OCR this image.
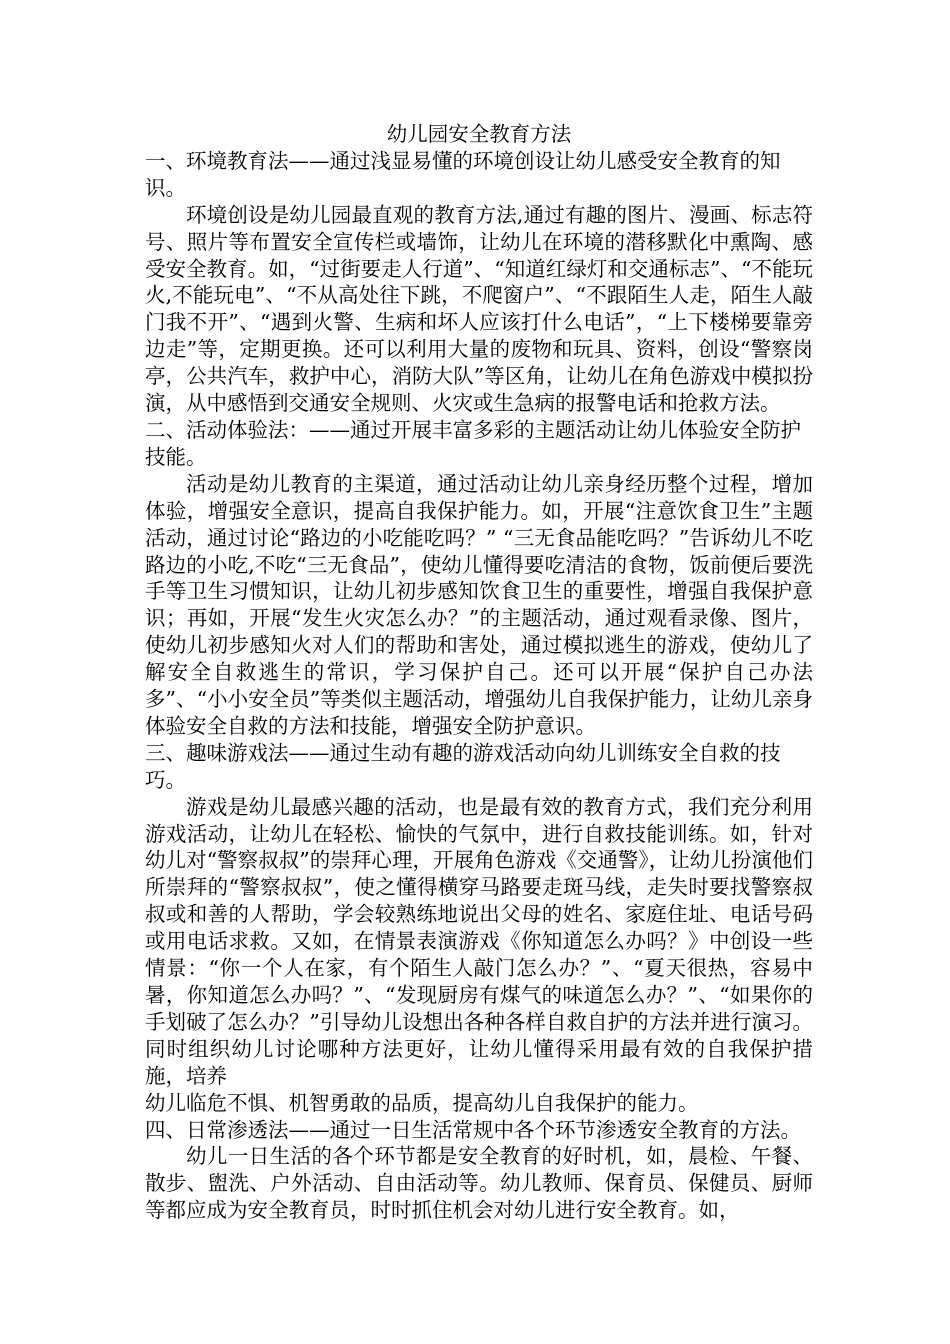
幼儿园安全教育方法

一、环境教育法——通过浅显易懂的环境创设让幼儿感受安全教育的知识。

环境创设是幼儿园最直观的教育方法,通过有趣的图片、漫画、标志符号、照片等布置安全宣传栏或墙饰，让幼儿在环境的潜移默化中熏陶、感受安全教育。如，“过街要走人行道”、“知道红绿灯和交通标志”、“不能玩火,不能玩电”、“不从高处往下跳，不爬窗户”、“不跟陌生人走，陌生人敲门我不开”、“遇到火警、生病和坏人应该打什么电话”，“上下楼梯要靠旁边走”等，定期更换。还可以利用大量的废物和玩具、资料，创设“警察岗亭，公共汽车，救护中心，消防大队”等区角，让幼儿在角色游戏中模拟扮演，从中感悟到交通安全规则、火灾或生急病的报警电话和抢救方法。

二、活动体验法：——通过开展丰富多彩的主题活动让幼儿体验安全防护技能。

活动是幼儿教育的主渠道，通过活动让幼儿亲身经历整个过程，增加体验，增强安全意识，提高自我保护能力。如，开展“注意饮食卫生”主题活动，通过讨论“路边的小吃能吃吗？” “三无食品能吃吗？”告诉幼儿不吃路边的小吃,不吃“三无食品”，使幼儿懂得要吃清洁的食物，饭前便后要洗手等卫生习惯知识，让幼儿初步感知饮食卫生的重要性，增强自我保护意识；再如，开展“发生火灾怎么办？”的主题活动，通过观看录像、图片，使幼儿初步感知火对人们的帮助和害处，通过模拟逃生的游戏，使幼儿了解安全自救逃生的常识，学习保护自己。还可以开展“保护自己办法多”、“小小安全员”等类似主题活动，增强幼儿自我保护能力，让幼儿亲身体验安全自救的方法和技能，增强安全防护意识。

三、趣味游戏法——通过生动有趣的游戏活动向幼儿训练安全自救的技巧。

游戏是幼儿最感兴趣的活动，也是最有效的教育方式，我们充分利用游戏活动，让幼儿在轻松、愉快的气氛中，进行自救技能训练。如，针对幼儿对“警察叔叔”的崇拜心理，开展角色游戏《交通警》，让幼儿扮演他们所崇拜的“警察叔叔”，使之懂得横穿马路要走斑马线，走失时要找警察叔叔或和善的人帮助，学会较熟练地说出父母的姓名、家庭住址、电话号码或用电话求救。又如，在情景表演游戏《你知道怎么办吗？》中创设一些情景：“你一个人在家，有个陌生人敲门怎么办？”、“夏天很热，容易中暑，你知道怎么办吗？”、“发现厨房有煤气的味道怎么办？”、“如果你的手划破了怎么办？”引导幼儿设想出各种各样自救自护的方法并进行演习。同时组织幼儿讨论哪种方法更好，让幼儿懂得采用最有效的自我保护措施，培养

幼儿临危不惧、机智勇敢的品质，提高幼儿自我保护的能力。

四、日常渗透法——通过一日生活常规中各个环节渗透安全教育的方法。

幼儿一日生活的各个环节都是安全教育的好时机，如，晨检、午餐、散步、盥洗、户外活动、自由活动等。幼儿教师、保育员、保健员、厨师等都应成为安全教育员，时时抓住机会对幼儿进行安全教育。如，
